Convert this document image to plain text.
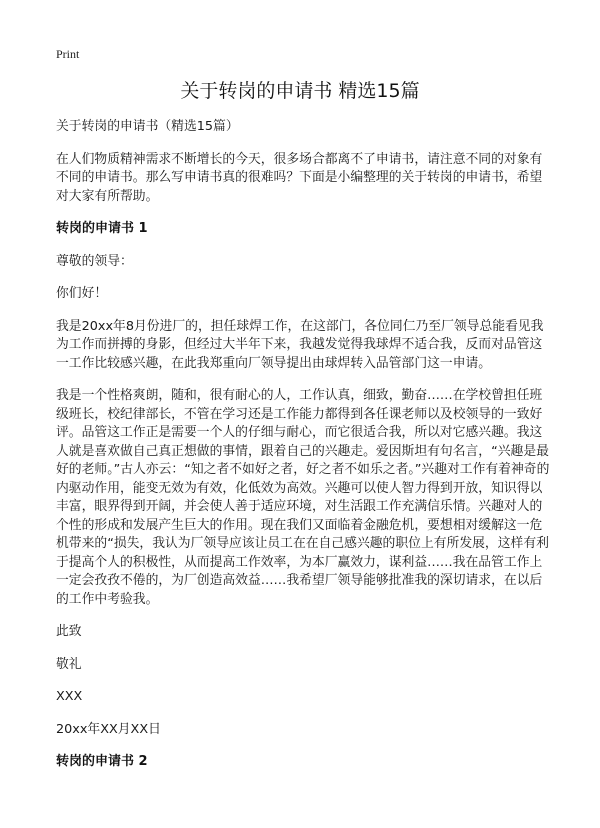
Print
关于转岗的申请书 精选15篇

关于转岗的申请书（精选15篇）

在人们物质精神需求不断增长的今天，很多场合都离不了申请书，请注意不同的对象有不同的申请书。那么写申请书真的很难吗？下面是小编整理的关于转岗的申请书，希望对大家有所帮助。

转岗的申请书 1

尊敬的领导：

你们好！

我是20xx年8月份进厂的，担任球焊工作，在这部门，各位同仁乃至厂领导总能看见我为工作而拼搏的身影，但经过大半年下来，我越发觉得我球焊不适合我，反而对品管这一工作比较感兴趣，在此我郑重向厂领导提出由球焊转入品管部门这一申请。

我是一个性格爽朗，随和，很有耐心的人，工作认真，细致，勤奋……在学校曾担任班级班长，校纪律部长，不管在学习还是工作能力都得到各任课老师以及校领导的一致好评。品管这工作正是需要一个人的仔细与耐心，而它很适合我，所以对它感兴趣。我这人就是喜欢做自己真正想做的事情，跟着自己的兴趣走。爱因斯坦有句名言，“兴趣是最好的老师。”古人亦云：“知之者不如好之者，好之者不如乐之者。”兴趣对工作有着神奇的内驱动作用，能变无效为有效，化低效为高效。兴趣可以使人智力得到开放，知识得以丰富，眼界得到开阔，并会使人善于适应环境，对生活跟工作充满信乐情。兴趣对人的个性的形成和发展产生巨大的作用。现在我们又面临着金融危机，要想相对缓解这一危机带来的“损失，我认为厂领导应该让员工在在自己感兴趣的职位上有所发展，这样有利于提高个人的积极性，从而提高工作效率，为本厂赢效力，谋利益……我在品管工作上一定会孜孜不倦的，为厂创造高效益……我希望厂领导能够批准我的深切请求，在以后的工作中考验我。

此致

敬礼

XXX

20xx年XX月XX日

转岗的申请书 2
